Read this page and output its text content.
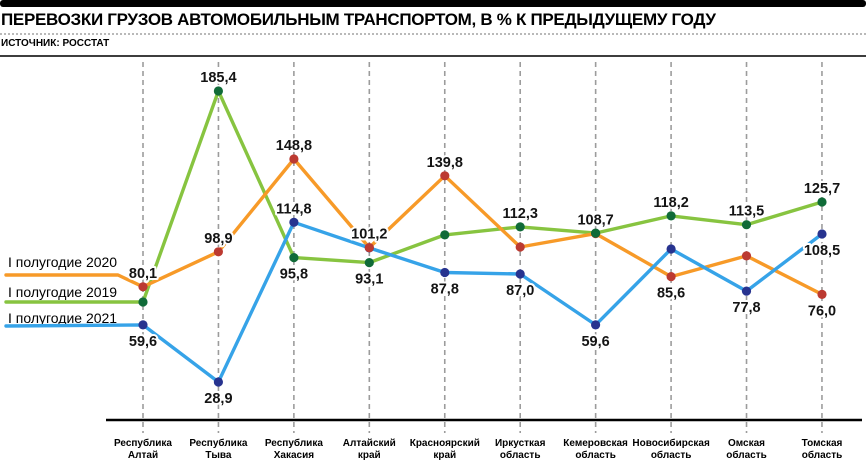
ПЕРЕВОЗКИ ГРУЗОВ АВТОМОБИЛЬНЫМ ТРАНСПОРТОМ, В % К ПРЕДЫДУЩЕМУ ГОДУ
ИСТОЧНИК: РОССТАТ
I полугодие 2020
I полугодие 2019
I полугодие 2021
80,1
98,9
148,8
101,2
139,8
108,7
85,6
76,0
185,4
95,8	93,1
112,3
118,2
113,5
125,7
59,6
28,9
114,8
87,8	87,0
59,6
77,8
108,5
Республика Алтай
Республика Тыва
Республика Хакасия
Алтайский край
Красноярский край
Иркусткая область
Кемеровская область
Новосибирская область
Омская область
Томская область
